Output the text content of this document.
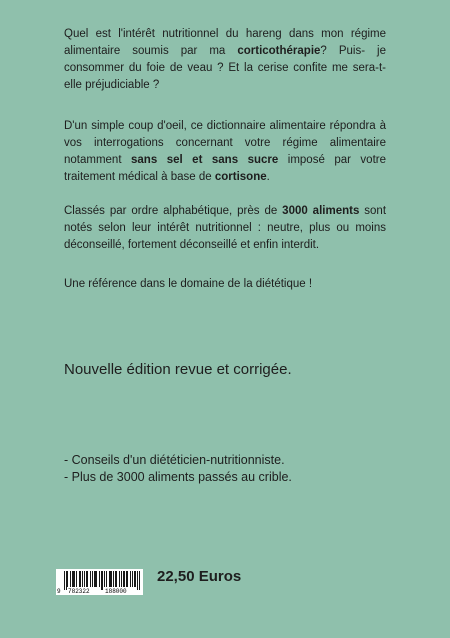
Quel est l'intérêt nutritionnel du hareng dans mon régime alimentaire soumis par ma corticothérapie? Puis- je consommer du foie de veau ? Et la cerise confite me sera-t-elle préjudiciable ?

D'un simple coup d'oeil, ce dictionnaire alimentaire répondra à vos interrogations concernant votre régime alimentaire notamment sans sel et sans sucre imposé par votre traitement médical à base de cortisone.

Classés par ordre alphabétique, près de 3000 aliments sont notés selon leur intérêt nutritionnel : neutre, plus ou moins déconseillé, fortement déconseillé et enfin interdit.

Une référence dans le domaine de la diététique !

Nouvelle édition revue et corrigée.

- Conseils d'un diététicien-nutritionniste.
- Plus de 3000 aliments passés au crible.
9 782322	188000
22,50 Euros
